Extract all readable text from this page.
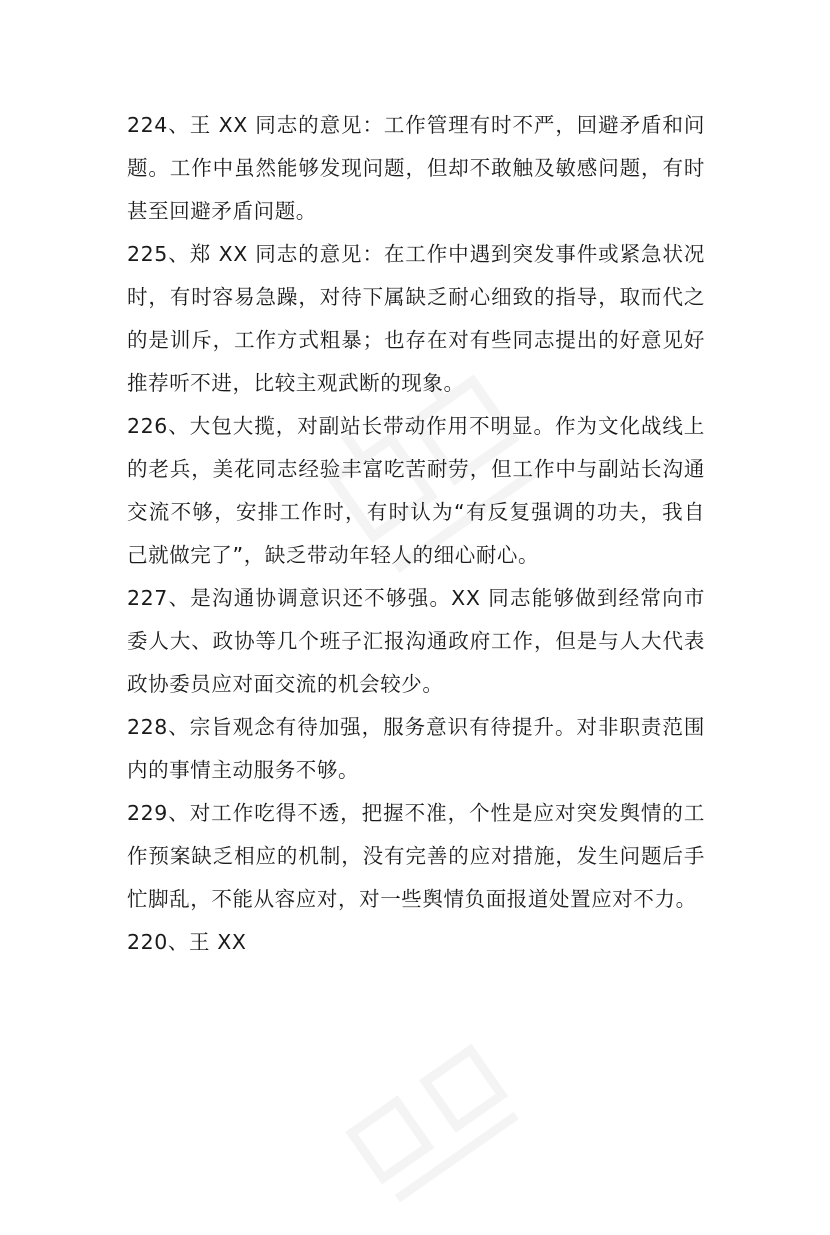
224、王 XX 同志的意见：工作管理有时不严，回避矛盾和问题。工作中虽然能够发现问题，但却不敢触及敏感问题，有时甚至回避矛盾问题。

225、郑 XX 同志的意见：在工作中遇到突发事件或紧急状况时，有时容易急躁，对待下属缺乏耐心细致的指导，取而代之的是训斥，工作方式粗暴；也存在对有些同志提出的好意见好推荐听不进，比较主观武断的现象。

226、大包大揽，对副站长带动作用不明显。作为文化战线上的老兵，美花同志经验丰富吃苦耐劳，但工作中与副站长沟通交流不够，安排工作时，有时认为“有反复强调的功夫，我自己就做完了”，缺乏带动年轻人的细心耐心。

227、是沟通协调意识还不够强。XX 同志能够做到经常向市委人大、政协等几个班子汇报沟通政府工作，但是与人大代表政协委员应对面交流的机会较少。

228、宗旨观念有待加强，服务意识有待提升。对非职责范围内的事情主动服务不够。

229、对工作吃得不透，把握不准，个性是应对突发舆情的工作预案缺乏相应的机制，没有完善的应对措施，发生问题后手忙脚乱，不能从容应对，对一些舆情负面报道处置应对不力。

220、王 XX
